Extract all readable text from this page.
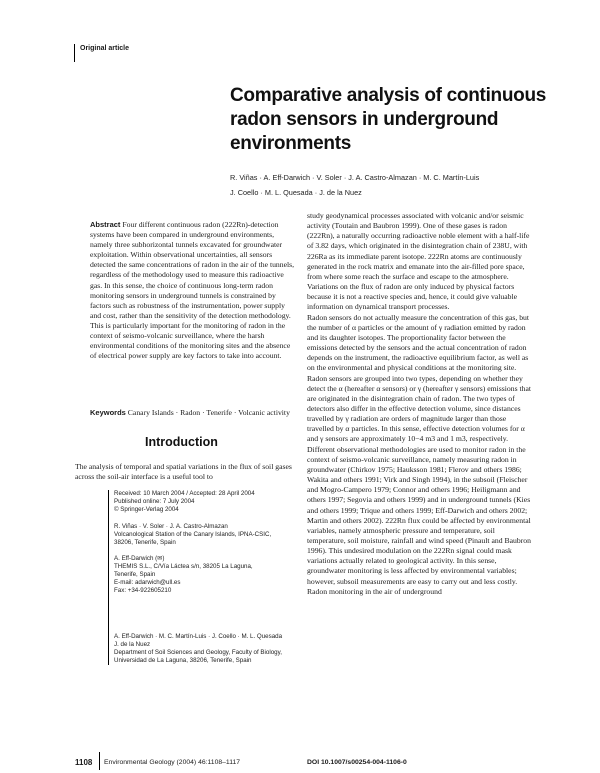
Original article
Comparative analysis of continuous radon sensors in underground environments
R. Viñas · A. Eff-Darwich · V. Soler · J. A. Castro-Almazan · M. C. Martín-Luis
J. Coello · M. L. Quesada · J. de la Nuez
Abstract Four different continuous radon (222Rn)-detection systems have been compared in underground environments, namely three subhorizontal tunnels excavated for groundwater exploitation. Within observational uncertainties, all sensors detected the same concentrations of radon in the air of the tunnels, regardless of the methodology used to measure this radioactive gas. In this sense, the choice of continuous long-term radon monitoring sensors in underground tunnels is constrained by factors such as robustness of the instrumentation, power supply and cost, rather than the sensitivity of the detection methodology. This is particularly important for the monitoring of radon in the context of seismo-volcanic surveillance, where the harsh environmental conditions of the monitoring sites and the absence of electrical power supply are key factors to take into account.
Keywords Canary Islands · Radon · Tenerife · Volcanic activity
Introduction
The analysis of temporal and spatial variations in the flux of soil gases across the soil-air interface is a useful tool to
Received: 10 March 2004 / Accepted: 28 April 2004
Published online: 7 July 2004
© Springer-Verlag 2004
R. Viñas · V. Soler · J. A. Castro-Almazan
Volcanological Station of the Canary Islands, IPNA-CSIC,
38206, Tenerife, Spain
A. Eff-Darwich (✉)
THEMIS S.L., C/Vía Láctea s/n, 38205 La Laguna,
Tenerife, Spain
E-mail: adarwich@ull.es
Fax: +34-922605210
A. Eff-Darwich · M. C. Martín-Luis · J. Coello · M. L. Quesada
J. de la Nuez
Department of Soil Sciences and Geology, Faculty of Biology,
Universidad de La Laguna, 38206, Tenerife, Spain

study geodynamical processes associated with volcanic and/or seismic activity (Toutain and Baubron 1999). One of these gases is radon (222Rn), a naturally occurring radioactive noble element with a half-life of 3.82 days, which originated in the disintegration chain of 238U, with 226Ra as its immediate parent isotope. 222Rn atoms are continuously generated in the rock matrix and emanate into the air-filled pore space, from where some reach the surface and escape to the atmosphere. Variations on the flux of radon are only induced by physical factors because it is not a reactive species and, hence, it could give valuable information on dynamical transport processes.

Radon sensors do not actually measure the concentration of this gas, but the number of α particles or the amount of γ radiation emitted by radon and its daughter isotopes. The proportionality factor between the emissions detected by the sensors and the actual concentration of radon depends on the instrument, the radioactive equilibrium factor, as well as on the environmental and physical conditions at the monitoring site. Radon sensors are grouped into two types, depending on whether they detect the α (hereafter α sensors) or γ (hereafter γ sensors) emissions that are originated in the disintegration chain of radon. The two types of detectors also differ in the effective detection volume, since distances travelled by γ radiation are orders of magnitude larger than those travelled by α particles. In this sense, effective detection volumes for α and γ sensors are approximately 10−4 m3 and 1 m3, respectively.

Different observational methodologies are used to monitor radon in the context of seismo-volcanic surveillance, namely measuring radon in groundwater (Chirkov 1975; Hauksson 1981; Flerov and others 1986; Wakita and others 1991; Virk and Singh 1994), in the subsoil (Fleischer and Mogro-Campero 1979; Connor and others 1996; Heiligmann and others 1997; Segovia and others 1999) and in underground tunnels (Kies and others 1999; Trique and others 1999; Eff-Darwich and others 2002; Martin and others 2002). 222Rn flux could be affected by environmental variables, namely atmospheric pressure and temperature, soil temperature, soil moisture, rainfall and wind speed (Pinault and Baubron 1996). This undesired modulation on the 222Rn signal could mask variations actually related to geological activity. In this sense, groundwater monitoring is less affected by environmental variables; however, subsoil measurements are easy to carry out and less costly. Radon monitoring in the air of underground

1108 Environmental Geology (2004) 46:1108–1117	DOI 10.1007/s00254-004-1106-0
